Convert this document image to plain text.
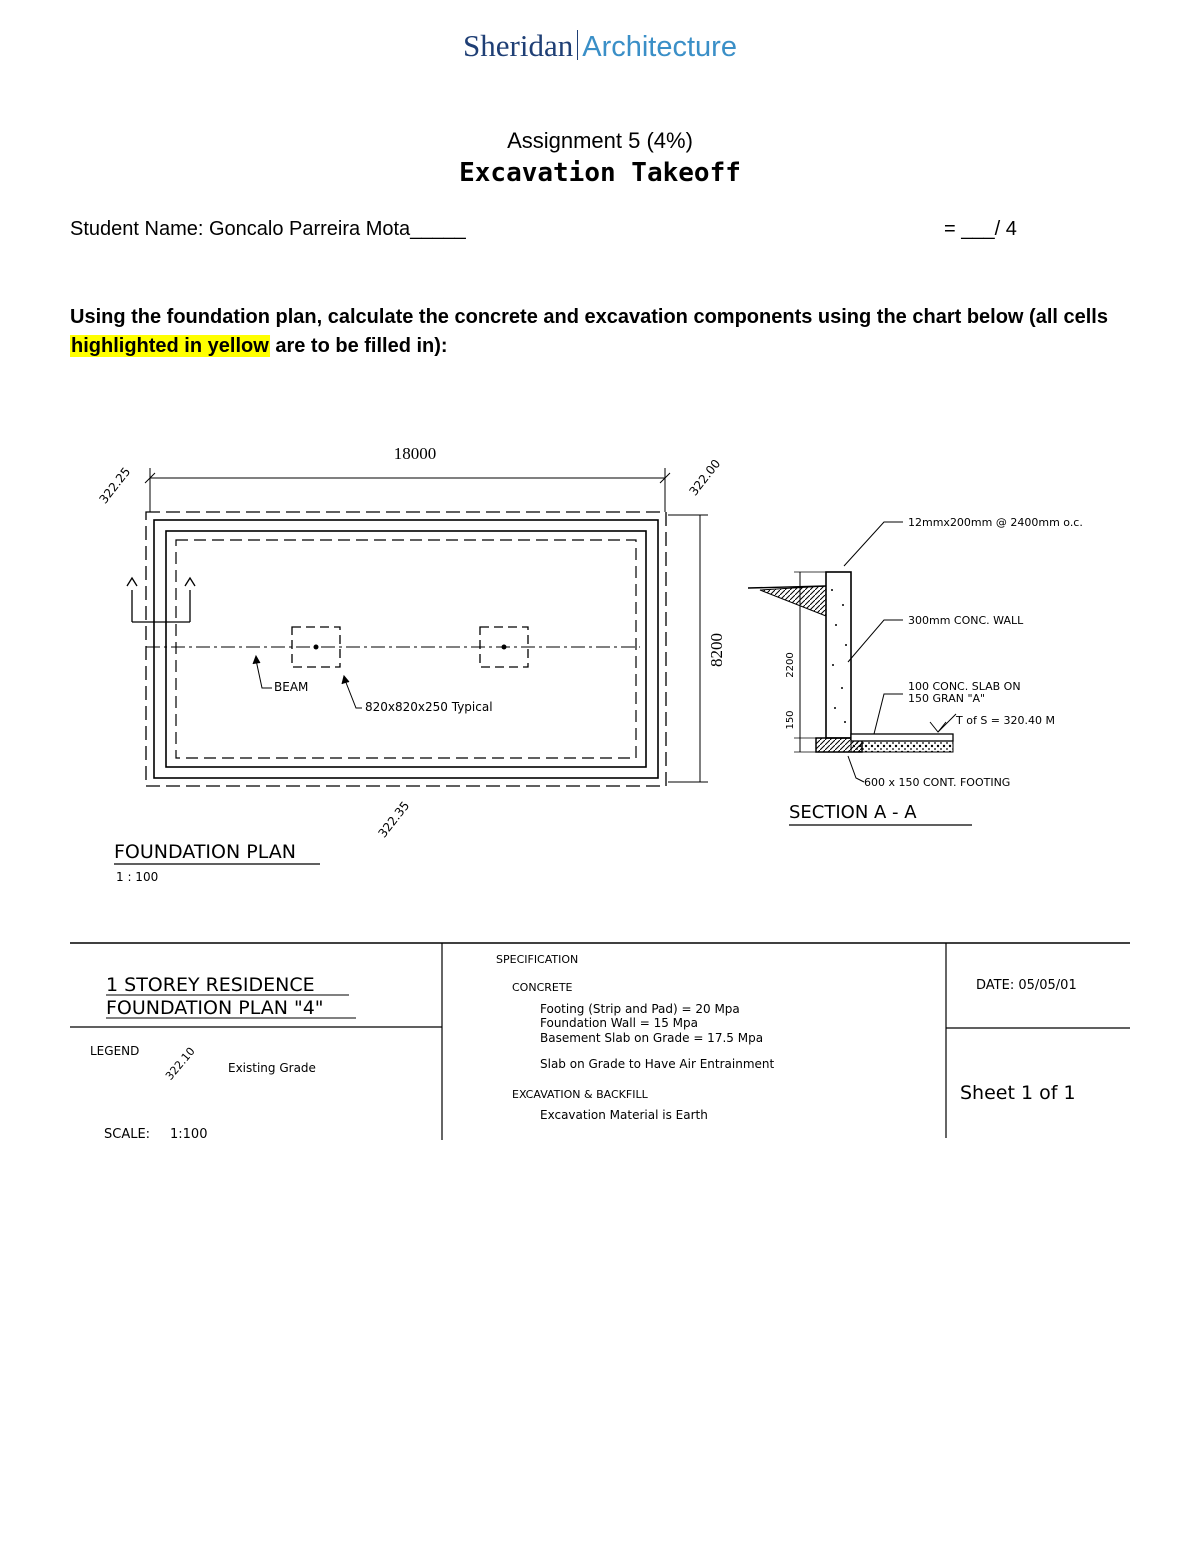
Sheridan Architecture
Assignment 5 (4%)
Excavation Takeoff
Student Name: Goncalo Parreira Mota_____	= ___/ 4
Using the foundation plan, calculate the concrete and excavation components using the chart below (all cells highlighted in yellow are to be filled in):
18000
8200
322.25	322.00
322.35
BEAM
820x820x250 Typical
FOUNDATION PLAN
1 : 100
2200
150
12mmx200mm @ 2400mm o.c.
300mm CONC. WALL
100 CONC. SLAB ON
150 GRAN "A"
T of S = 320.40 M
600 x 150 CONT. FOOTING
SECTION A - A
1 STOREY RESIDENCE
FOUNDATION PLAN "4"
LEGEND 322.10	Existing Grade
SCALE: 1:100
SPECIFICATION
CONCRETE
Footing (Strip and Pad) = 20 Mpa
Foundation Wall = 15 Mpa
Basement Slab on Grade = 17.5 Mpa
Slab on Grade to Have Air Entrainment
EXCAVATION & BACKFILL
Excavation Material is Earth
DATE: 05/05/01
Sheet 1 of 1
